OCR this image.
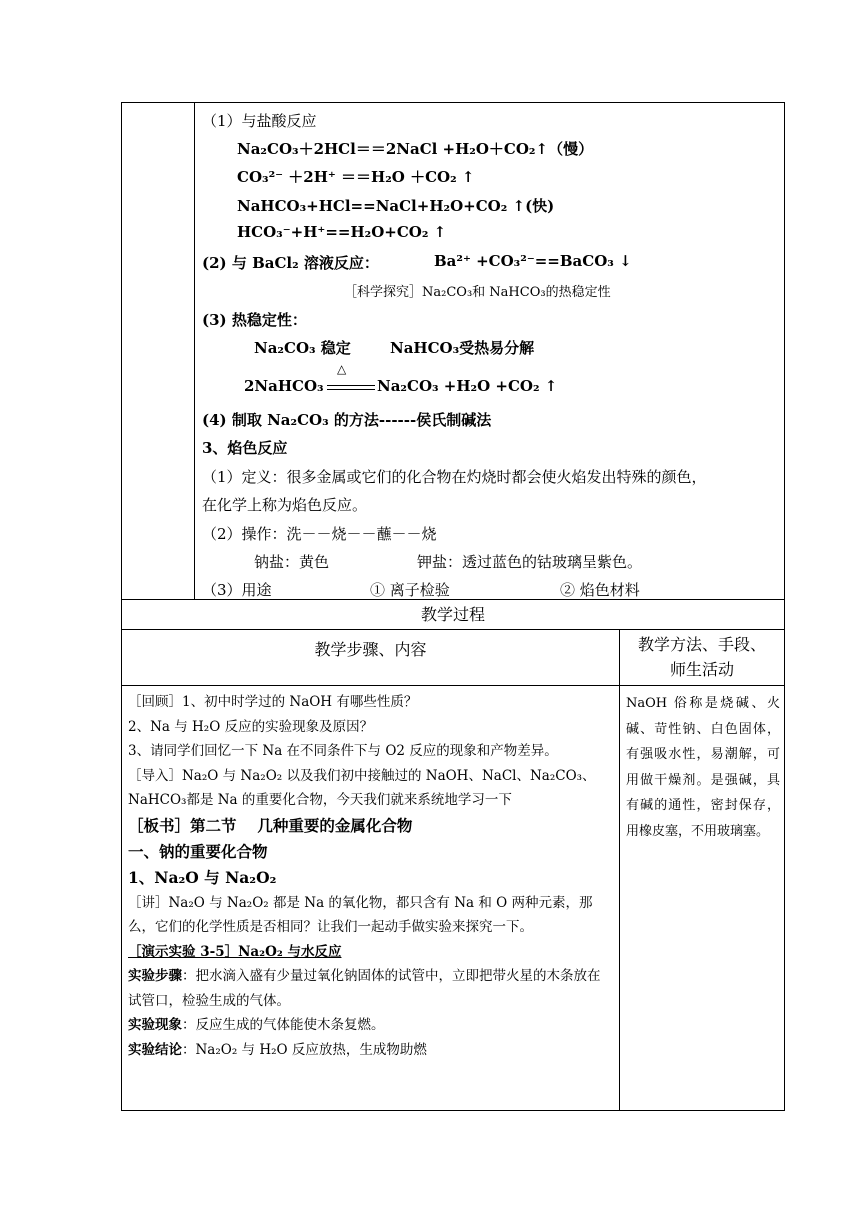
（1）与盐酸反应
Na₂CO₃＋2HCl＝＝2NaCl +H₂O＋CO₂↑（慢）
CO₃²⁻ ＋2H⁺ ＝＝H₂O ＋CO₂ ↑
NaHCO₃+HCl==NaCl+H₂O+CO₂ ↑(快)
HCO₃⁻+H⁺==H₂O+CO₂ ↑
(2) 与 BaCl₂ 溶液反应：	Ba²⁺ +CO₃²⁻==BaCO₃ ↓
［科学探究］Na₂CO₃和 NaHCO₃的热稳定性
(3) 热稳定性：
Na₂CO₃ 稳定	NaHCO₃受热易分解
△
2NaHCO₃	Na₂CO₃ +H₂O +CO₂ ↑
(4) 制取 Na₂CO₃ 的方法------侯氏制碱法
3、焰色反应
（1）定义：很多金属或它们的化合物在灼烧时都会使火焰发出特殊的颜色，
在化学上称为焰色反应。
（2）操作：洗－－烧－－蘸－－烧
钠盐：黄色	钾盐：透过蓝色的钴玻璃呈紫色。
（3）用途	① 离子检验	② 焰色材料
教学过程
教学步骤、内容	教学方法、手段、
师生活动

［回顾］1、初中时学过的 NaOH 有哪些性质？

2、Na 与 H₂O 反应的实验现象及原因？

3、请同学们回忆一下 Na 在不同条件下与 O2 反应的现象和产物差异。

［导入］Na₂O 与 Na₂O₂ 以及我们初中接触过的 NaOH、NaCl、Na₂CO₃、NaHCO₃都是 Na 的重要化合物，今天我们就来系统地学习一下

［板书］第二节　 几种重要的金属化合物

一、钠的重要化合物

1、Na₂O 与 Na₂O₂

［讲］Na₂O 与 Na₂O₂ 都是 Na 的氧化物，都只含有 Na 和 O 两种元素，那么，它们的化学性质是否相同？让我们一起动手做实验来探究一下。

［演示实验 3-5］Na₂O₂ 与水反应

实验步骤：把水滴入盛有少量过氧化钠固体的试管中，立即把带火星的木条放在试管口，检验生成的气体。

实验现象：反应生成的气体能使木条复燃。

实验结论：Na₂O₂ 与 H₂O 反应放热，生成物助燃

NaOH 俗称是烧碱、火碱、苛性钠、白色固体，有强吸水性，易潮解，可用做干燥剂。是强碱，具有碱的通性，密封保存，用橡皮塞，不用玻璃塞。
